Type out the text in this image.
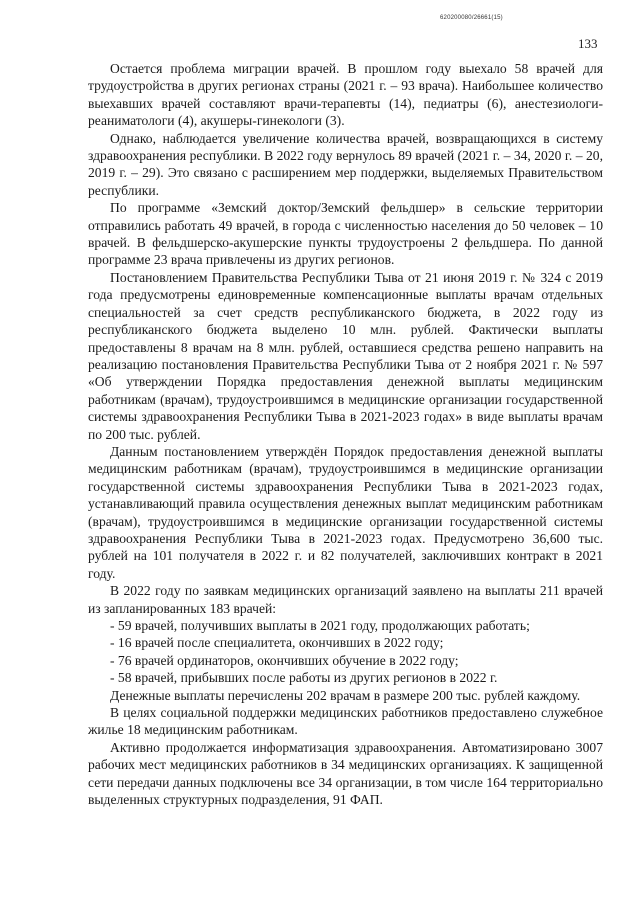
620200080/26661(15)
133

Остается проблема миграции врачей. В прошлом году выехало 58 врачей для трудоустройства в других регионах страны (2021 г. – 93 врача). Наибольшее количество выехавших врачей составляют врачи-терапевты (14), педиатры (6), анестезиологи-реаниматологи (4), акушеры-гинекологи (3).

Однако, наблюдается увеличение количества врачей, возвращающихся в систему здравоохранения республики. В 2022 году вернулось 89 врачей (2021 г. – 34, 2020 г. – 20, 2019 г. – 29). Это связано с расширением мер поддержки, выделяемых Правительством республики.

По программе «Земский доктор/Земский фельдшер» в сельские территории отправились работать 49 врачей, в города с численностью населения до 50 человек – 10 врачей. В фельдшерско-акушерские пункты трудоустроены 2 фельдшера. По данной программе 23 врача привлечены из других регионов.

Постановлением Правительства Республики Тыва от 21 июня 2019 г. № 324 с 2019 года предусмотрены единовременные компенсационные выплаты врачам отдельных специальностей за счет средств республиканского бюджета, в 2022 году из республиканского бюджета выделено 10 млн. рублей. Фактически выплаты предоставлены 8 врачам на 8 млн. рублей, оставшиеся средства решено направить на реализацию постановления Правительства Республики Тыва от 2 ноября 2021 г. № 597 «Об утверждении Порядка предоставления денежной выплаты медицинским работникам (врачам), трудоустроившимся в медицинские организации государственной системы здравоохранения Республики Тыва в 2021-2023 годах» в виде выплаты врачам по 200 тыс. рублей.

Данным постановлением утверждён Порядок предоставления денежной выплаты медицинским работникам (врачам), трудоустроившимся в медицинские организации государственной системы здравоохранения Республики Тыва в 2021-2023 годах, устанавливающий правила осуществления денежных выплат медицинским работникам (врачам), трудоустроившимся в медицинские организации государственной системы здравоохранения Республики Тыва в 2021-2023 годах. Предусмотрено 36,600 тыс. рублей на 101 получателя в 2022 г. и 82 получателей, заключивших контракт в 2021 году.

В 2022 году по заявкам медицинских организаций заявлено на выплаты 211 врачей из запланированных 183 врачей:

- 59 врачей, получивших выплаты в 2021 году, продолжающих работать;

- 16 врачей после специалитета, окончивших в 2022 году;

- 76 врачей ординаторов, окончивших обучение в 2022 году;

- 58 врачей, прибывших после работы из других регионов в 2022 г.

Денежные выплаты перечислены 202 врачам в размере 200 тыс. рублей каждому.

В целях социальной поддержки медицинских работников предоставлено служебное жилье 18 медицинским работникам.

Активно продолжается информатизация здравоохранения. Автоматизировано 3007 рабочих мест медицинских работников в 34 медицинских организациях. К защищенной сети передачи данных подключены все 34 организации, в том числе 164 территориально выделенных структурных подразделения, 91 ФАП.
